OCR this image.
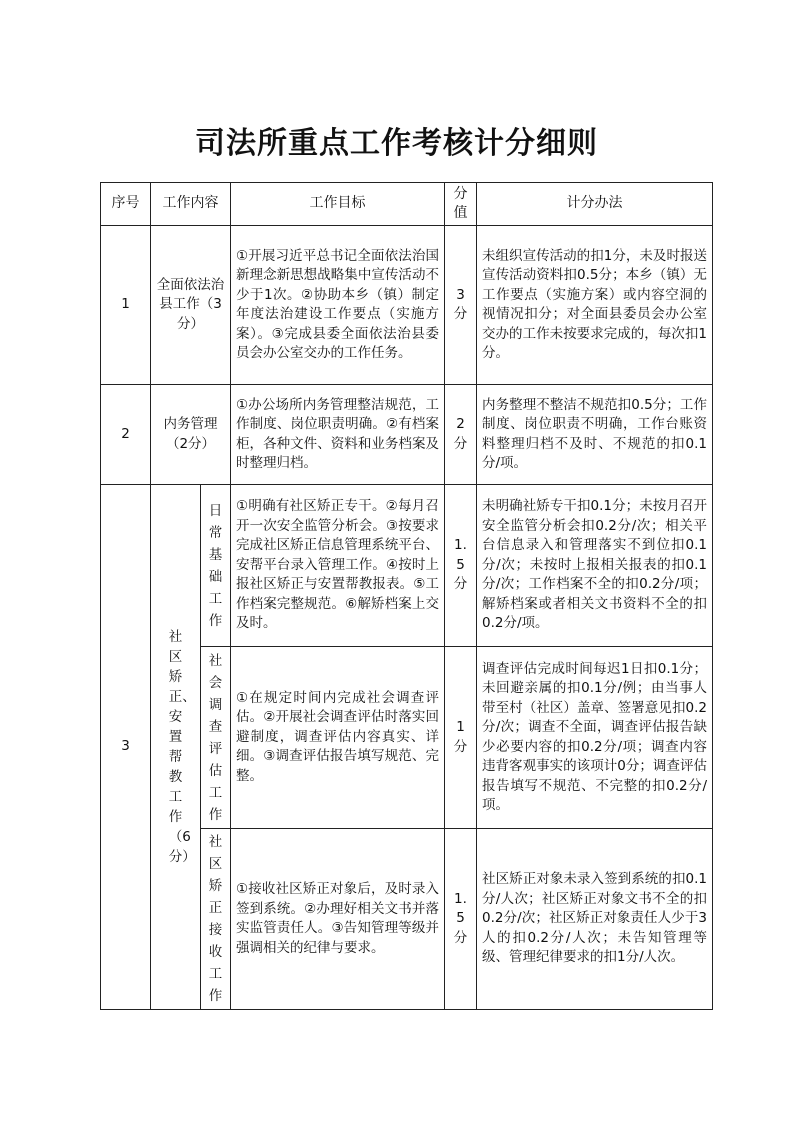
司法所重点工作考核计分细则
序号	工作内容		工作目标	分值	计分办法
1	全面依法治县工作（3分）		①开展习近平总书记全面依法治国新理念新思想战略集中宣传活动不少于1次。②协助本乡（镇）制定年度法治建设工作要点（实施方案）。③完成县委全面依法治县委员会办公室交办的工作任务。	3分	未组织宣传活动的扣1分，未及时报送宣传活动资料扣0.5分；本乡（镇）无工作要点（实施方案）或内容空洞的视情况扣分；对全面县委员会办公室交办的工作未按要求完成的，每次扣1分。
2	内务管理（2分）		①办公场所内务管理整洁规范，工作制度、岗位职责明确。②有档案柜，各种文件、资料和业务档案及时整理归档。	2分	内务整理不整洁不规范扣0.5分；工作制度、岗位职责不明确，工作台账资料整理归档不及时、不规范的扣0.1分/项。
3	社区矫正、安置帮教工作（6分）	日常基础工作	①明确有社区矫正专干。②每月召开一次安全监管分析会。③按要求完成社区矫正信息管理系统平台、安帮平台录入管理工作。④按时上报社区矫正与安置帮教报表。⑤工作档案完整规范。⑥解矫档案上交及时。	1.5分	未明确社矫专干扣0.1分；未按月召开安全监管分析会扣0.2分/次；相关平台信息录入和管理落实不到位扣0.1分/次；未按时上报相关报表的扣0.1分/次；工作档案不全的扣0.2分/项；解矫档案或者相关文书资料不全的扣0.2分/项。

		社会调查评估工作	①在规定时间内完成社会调查评估。②开展社会调查评估时落实回避制度，调查评估内容真实、详细。③调查评估报告填写规范、完整。	1分	调查评估完成时间每迟1日扣0.1分；未回避亲属的扣0.1分/例；由当事人带至村（社区）盖章、签署意见扣0.2分/次；调查不全面，调查评估报告缺少必要内容的扣0.2分/项；调查内容违背客观事实的该项计0分；调查评估报告填写不规范、不完整的扣0.2分/项。

		社区矫正接收工作	①接收社区矫正对象后，及时录入签到系统。②办理好相关文书并落实监管责任人。③告知管理等级并强调相关的纪律与要求。	1.5分	社区矫正对象未录入签到系统的扣0.1分/人次；社区矫正对象文书不全的扣0.2分/次；社区矫正对象责任人少于3人的扣0.2分/人次；未告知管理等级、管理纪律要求的扣1分/人次。
